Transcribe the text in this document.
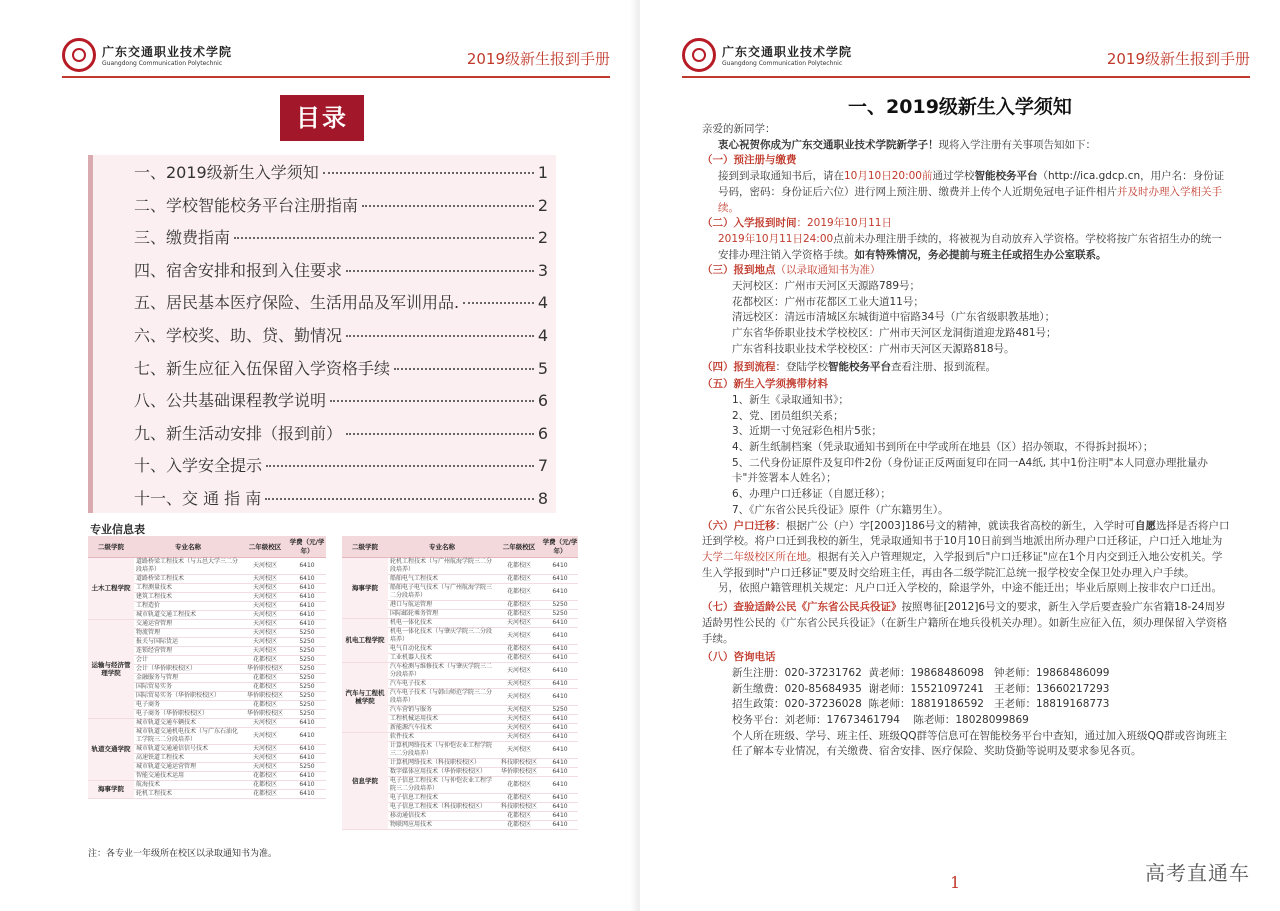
广东交通职业技术学院
Guangdong Communication Polytechnic	2019级新生报到手册
目录
一、2019级新生入学须知	1
二、学校智能校务平台注册指南	2
三、缴费指南	2
四、宿舍安排和报到入住要求	3
五、居民基本医疗保险、生活用品及军训用品.	4
六、学校奖、助、贷、勤情况	4
七、新生应征入伍保留入学资格手续	5
八、公共基础课程教学说明	6
九、新生活动安排（报到前）	6
十、入学安全提示	7
十一、交 通 指 南	8
专业信息表
二级学院	专业名称	二年级校区	学费（元/学年）
土木工程学院	道路桥梁工程技术（与五邑大学三二分段培养）	天河校区	6410
	道路桥梁工程技术	天河校区	6410
	工程测量技术	天河校区	6410
	建筑工程技术	天河校区	6410
	工程造价	天河校区	6410
	城市轨道交通工程技术	天河校区	6410
运输与经济管理学院	交通运营管理	天河校区	6410
	物流管理	天河校区	5250
	报关与国际货运	天河校区	5250
	连锁经营管理	天河校区	5250
	会计	花都校区	5250
	会计（华侨职校校区）	华侨职校校区	5250
	金融服务与管理	花都校区	5250
	国际贸易实务	花都校区	5250
	国际贸易实务（华侨职校校区）	华侨职校校区	5250
	电子商务	花都校区	5250
	电子商务（华侨职校校区）	华侨职校校区	5250
轨道交通学院	城市轨道交通车辆技术	天河校区	6410
	城市轨道交通机电技术（与广东石油化工学院三二分段培养）	天河校区	6410
	城市轨道交通通信信号技术	天河校区	6410
	高速铁道工程技术	天河校区	6410
	城市轨道交通运营管理	天河校区	5250
	智能交通技术运用	花都校区	6410
海事学院	航海技术	花都校区	6410
	轮机工程技术	花都校区	6410
二级学院	专业名称	二年级校区	学费（元/学年）
海事学院	轮机工程技术（与广州航海学院三二分段培养）	花都校区	6410
	船舶电气工程技术	花都校区	6410
	船舶电子电气技术（与广州航海学院三二分段培养）	花都校区	6410
	港口与航运管理	花都校区	5250
	国际邮轮乘务管理	花都校区	5250
机电工程学院	机电一体化技术	天河校区	6410
	机电一体化技术（与肇庆学院三二分段培养）	天河校区	6410
	电气自动化技术	花都校区	6410
	工业机器人技术	花都校区	6410
汽车与工程机械学院	汽车检测与维修技术（与肇庆学院三二分段培养）	天河校区	6410
	汽车电子技术	天河校区	6410
	汽车电子技术（与韩山师范学院三二分段培养）	天河校区	6410
	汽车营销与服务	天河校区	5250
	工程机械运用技术	天河校区	6410
	新能源汽车技术	天河校区	6410
信息学院	软件技术	天河校区	6410
	计算机网络技术（与仲恺农业工程学院三二分段培养）	天河校区	6410
	计算机网络技术（科技职校校区）	科技职校校区	6410
	数字媒体应用技术（华侨职校校区）	华侨职校校区	6410
	电子信息工程技术（与仲恺农业工程学院三二分段培养）	花都校区	6410
	电子信息工程技术	花都校区	6410
	电子信息工程技术（科技职校校区）	科技职校校区	6410
	移动通信技术	花都校区	6410
	物联网应用技术	花都校区	6410
注：各专业一年级所在校区以录取通知书为准。
广东交通职业技术学院
Guangdong Communication Polytechnic	2019级新生报到手册
一、2019级新生入学须知

亲爱的新同学：

衷心祝贺你成为广东交通职业技术学院新学子！现将入学注册有关事项告知如下：

（一）预注册与缴费

接到到录取通知书后，请在10月10日20:00前通过学校智能校务平台（http://ica.gdcp.cn，用户名：身份证号码，密码：身份证后六位）进行网上预注册、缴费并上传个人近期免冠电子证件相片并及时办理入学相关手续。

（二）入学报到时间：2019年10月11日

2019年10月11日24:00点前未办理注册手续的，将被视为自动放弃入学资格。学校将按广东省招生办的统一安排办理注销入学资格手续。如有特殊情况，务必提前与班主任或招生办公室联系。

（三）报到地点（以录取通知书为准）

天河校区：广州市天河区天源路789号；

花都校区：广州市花都区工业大道11号；

清远校区：清远市清城区东城街道中宿路34号（广东省级职教基地）；

广东省华侨职业技术学校校区：广州市天河区龙洞街道迎龙路481号；

广东省科技职业技术学校校区：广州市天河区天源路818号。

（四）报到流程：登陆学校智能校务平台查看注册、报到流程。

（五）新生入学须携带材料

1、新生《录取通知书》；

2、党、团员组织关系；

3、近期一寸免冠彩色相片5张；

4、新生纸制档案（凭录取通知书到所在中学或所在地县（区）招办领取，不得拆封损坏）；

5、二代身份证原件及复印件2份（身份证正反两面复印在同一A4纸, 其中1份注明"本人同意办理批量办卡"并签署本人姓名）；

6、办理户口迁移证（自愿迁移）；

7、《广东省公民兵役证》原件（广东籍男生）。

（六）户口迁移：根据广公（户）字[2003]186号文的精神，就读我省高校的新生，入学时可自愿选择是否将户口迁到学校。将户口迁到我校的新生，凭录取通知书于10月10日前到当地派出所办理户口迁移证，户口迁入地址为大学二年级校区所在地。根据有关入户管理规定，入学报到后"户口迁移证"应在1个月内交到迁入地公安机关。学生入学报到时"户口迁移证"要及时交给班主任，再由各二级学院汇总统一报学校安全保卫处办理入户手续。

另，依照户籍管理机关规定：凡户口迁入学校的，除退学外，中途不能迁出；毕业后原则上按非农户口迁出。

（七）查验适龄公民《广东省公民兵役证》按照粤征[2012]6号文的要求，新生入学后要查验广东省籍18-24周岁适龄男性公民的《广东省公民兵役证》（在新生户籍所在地兵役机关办理）。如新生应征入伍，须办理保留入学资格手续。

（八）咨询电话

新生注册：020-37231762  黄老师：19868486098   钟老师：19868486099

新生缴费：020-85684935  谢老师：15521097241   王老师：13660217293

招生政策：020-37236028  陈老师：18819186592   王老师：18819168773

校务平台：刘老师：17673461794    陈老师：18028099869

个人所在班级、学号、班主任、班级QQ群等信息可在智能校务平台中查知，通过加入班级QQ群或咨询班主任了解本专业情况，有关缴费、宿舍安排、医疗保险、奖助贷勤等说明及要求参见各页。

1	高考直通车
